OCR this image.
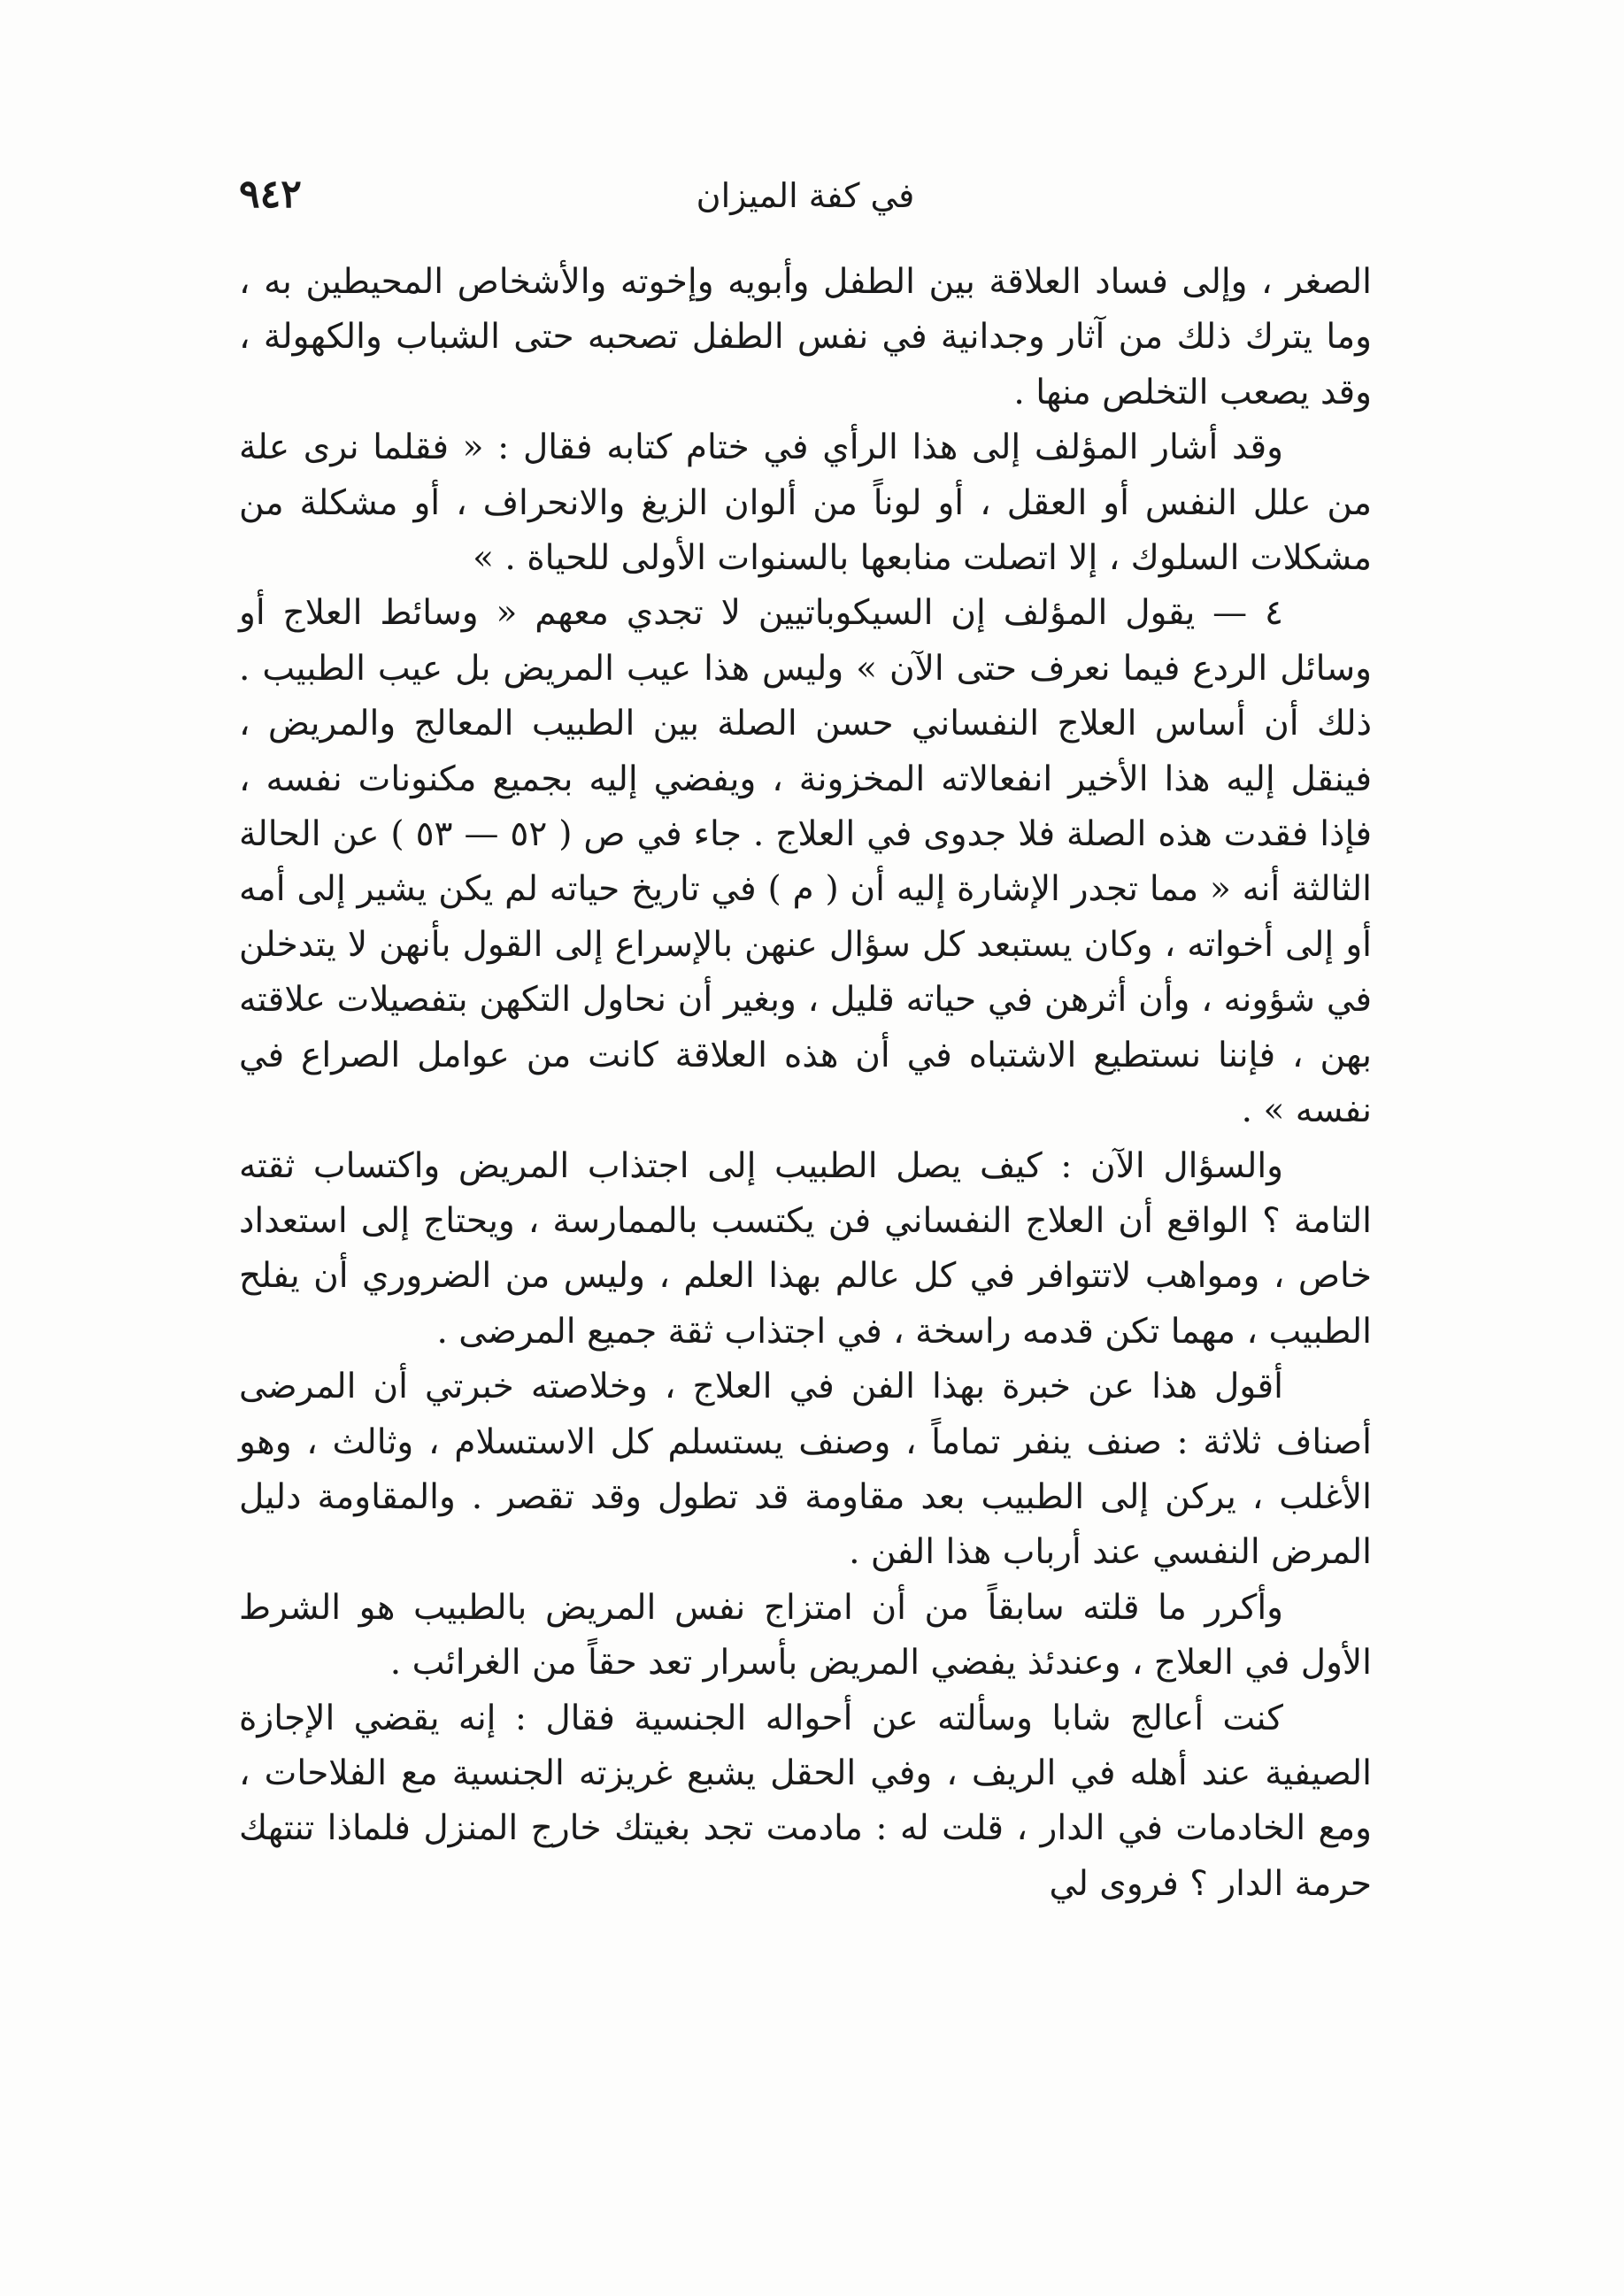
٩٤٢	في كفة الميزان

الصغر ، وإلى فساد العلاقة بين الطفل وأبويه وإخوته والأشخاص المحيطين به ، وما يترك ذلك من آثار وجدانية في نفس الطفل تصحبه حتى الشباب والكهولة ، وقد يصعب التخلص منها .

وقد أشار المؤلف إلى هذا الرأي في ختام كتابه فقال : « فقلما نرى علة من علل النفس أو العقل ، أو لوناً من ألوان الزيغ والانحراف ، أو مشكلة من مشكلات السلوك ، إلا اتصلت منابعها بالسنوات الأولى للحياة . »

٤ — يقول المؤلف إن السيكوباتيين لا تجدي معهم « وسائط العلاج أو وسائل الردع فيما نعرف حتى الآن » وليس هذا عيب المريض بل عيب الطبيب . ذلك أن أساس العلاج النفساني حسن الصلة بين الطبيب المعالج والمريض ، فينقل إليه هذا الأخير انفعالاته المخزونة ، ويفضي إليه بجميع مكنونات نفسه ، فإذا فقدت هذه الصلة فلا جدوى في العلاج . جاء في ص ( ٥٢ — ٥٣ ) عن الحالة الثالثة أنه « مما تجدر الإشارة إليه أن ( م ) في تاريخ حياته لم يكن يشير إلى أمه أو إلى أخواته ، وكان يستبعد كل سؤال عنهن بالإسراع إلى القول بأنهن لا يتدخلن في شؤونه ، وأن أثرهن في حياته قليل ، وبغير أن نحاول التكهن بتفصيلات علاقته بهن ، فإننا نستطيع الاشتباه في أن هذه العلاقة كانت من عوامل الصراع في نفسه » .

والسؤال الآن : كيف يصل الطبيب إلى اجتذاب المريض واكتساب ثقته التامة ؟ الواقع أن العلاج النفساني فن يكتسب بالممارسة ، ويحتاج إلى استعداد خاص ، ومواهب لاتتوافر في كل عالم بهذا العلم ، وليس من الضروري أن يفلح الطبيب ، مهما تكن قدمه راسخة ، في اجتذاب ثقة جميع المرضى .

أقول هذا عن خبرة بهذا الفن في العلاج ، وخلاصته خبرتي أن المرضى أصناف ثلاثة : صنف ينفر تماماً ، وصنف يستسلم كل الاستسلام ، وثالث ، وهو الأغلب ، يركن إلى الطبيب بعد مقاومة قد تطول وقد تقصر . والمقاومة دليل المرض النفسي عند أرباب هذا الفن .

وأكرر ما قلته سابقاً من أن امتزاج نفس المريض بالطبيب هو الشرط الأول في العلاج ، وعندئذ يفضي المريض بأسرار تعد حقاً من الغرائب .

كنت أعالج شابا وسألته عن أحواله الجنسية فقال : إنه يقضي الإجازة الصيفية عند أهله في الريف ، وفي الحقل يشبع غريزته الجنسية مع الفلاحات ، ومع الخادمات في الدار ، قلت له : مادمت تجد بغيتك خارج المنزل فلماذا تنتهك حرمة الدار ؟ فروى لي
